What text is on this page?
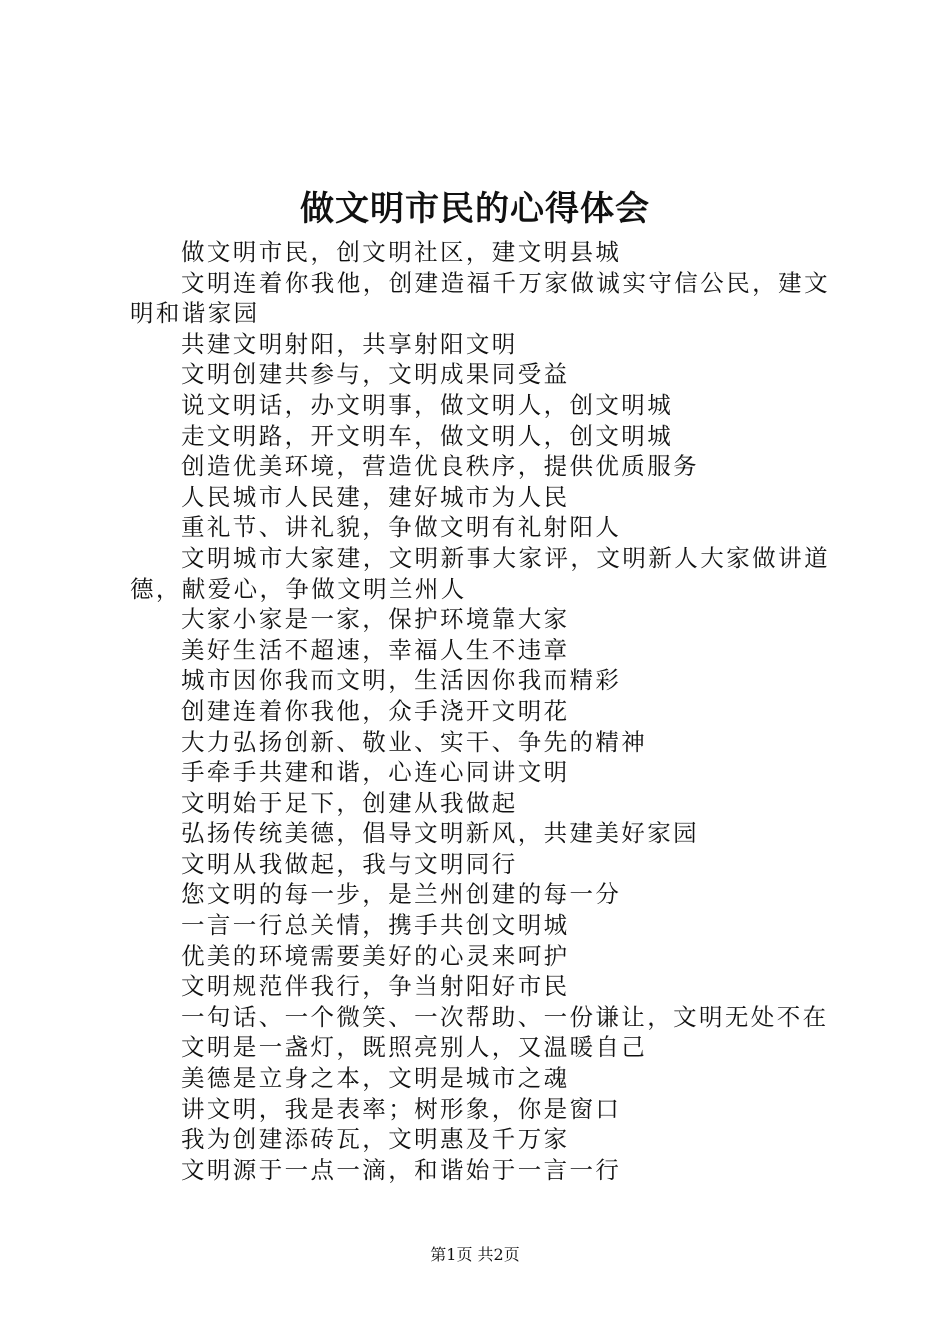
做文明市民的心得体会

做文明市民，创文明社区，建文明县城

文明连着你我他，创建造福千万家做诚实守信公民，建文明和谐家园

共建文明射阳，共享射阳文明

文明创建共参与，文明成果同受益

说文明话，办文明事，做文明人，创文明城

走文明路，开文明车，做文明人，创文明城

创造优美环境，营造优良秩序，提供优质服务

人民城市人民建，建好城市为人民

重礼节、讲礼貌，争做文明有礼射阳人

文明城市大家建，文明新事大家评，文明新人大家做讲道德，献爱心，争做文明兰州人

大家小家是一家，保护环境靠大家

美好生活不超速，幸福人生不违章

城市因你我而文明，生活因你我而精彩

创建连着你我他，众手浇开文明花

大力弘扬创新、敬业、实干、争先的精神

手牵手共建和谐，心连心同讲文明

文明始于足下，创建从我做起

弘扬传统美德，倡导文明新风，共建美好家园

文明从我做起，我与文明同行

您文明的每一步，是兰州创建的每一分

一言一行总关情，携手共创文明城

优美的环境需要美好的心灵来呵护

文明规范伴我行，争当射阳好市民

一句话、一个微笑、一次帮助、一份谦让，文明无处不在

文明是一盏灯，既照亮别人，又温暖自己

美德是立身之本，文明是城市之魂

讲文明，我是表率；树形象，你是窗口

我为创建添砖瓦，文明惠及千万家

文明源于一点一滴，和谐始于一言一行

第1页 共2页
